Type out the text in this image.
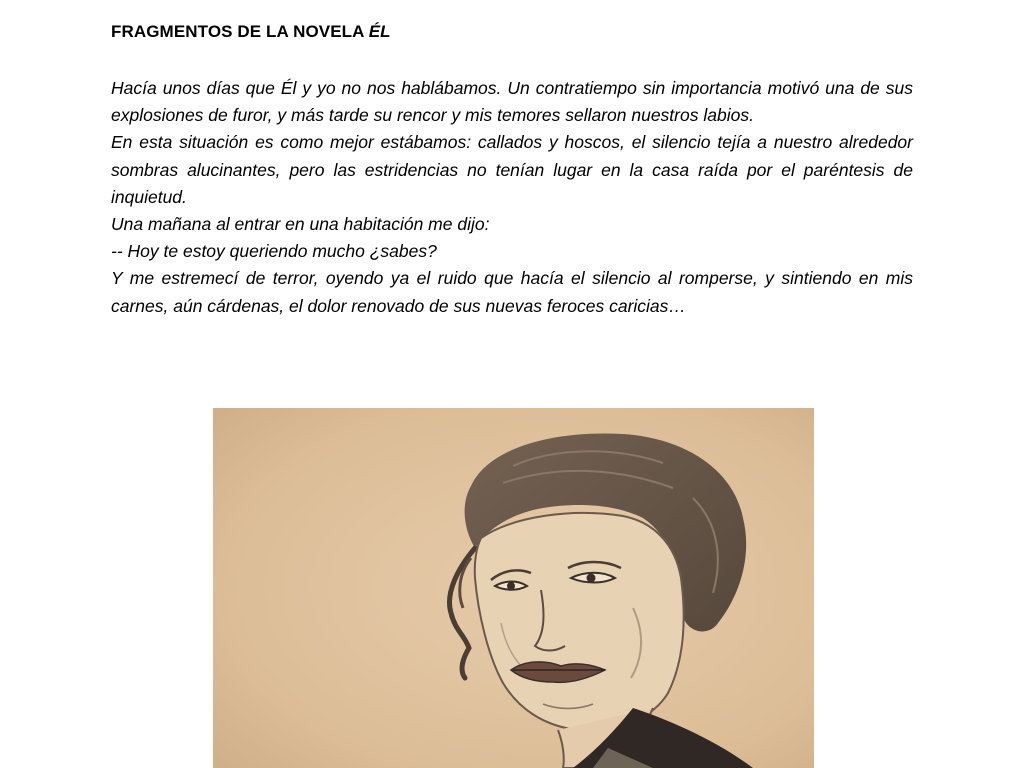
FRAGMENTOS DE LA NOVELA ÉL

Hacía unos días que Él y yo no nos hablábamos. Un contratiempo sin importancia motivó una de sus explosiones de furor, y más tarde su rencor y mis temores sellaron nuestros labios.

En esta situación es como mejor estábamos: callados y hoscos, el silencio tejía a nuestro alrededor sombras alucinantes, pero las estridencias no tenían lugar en la casa raída por el paréntesis de inquietud.

Una mañana al entrar en una habitación me dijo:

-- Hoy te estoy queriendo mucho ¿sabes?

Y me estremecí de terror, oyendo ya el ruido que hacía el silencio al romperse, y sintiendo en mis carnes, aún cárdenas, el dolor renovado de sus nuevas feroces caricias…
